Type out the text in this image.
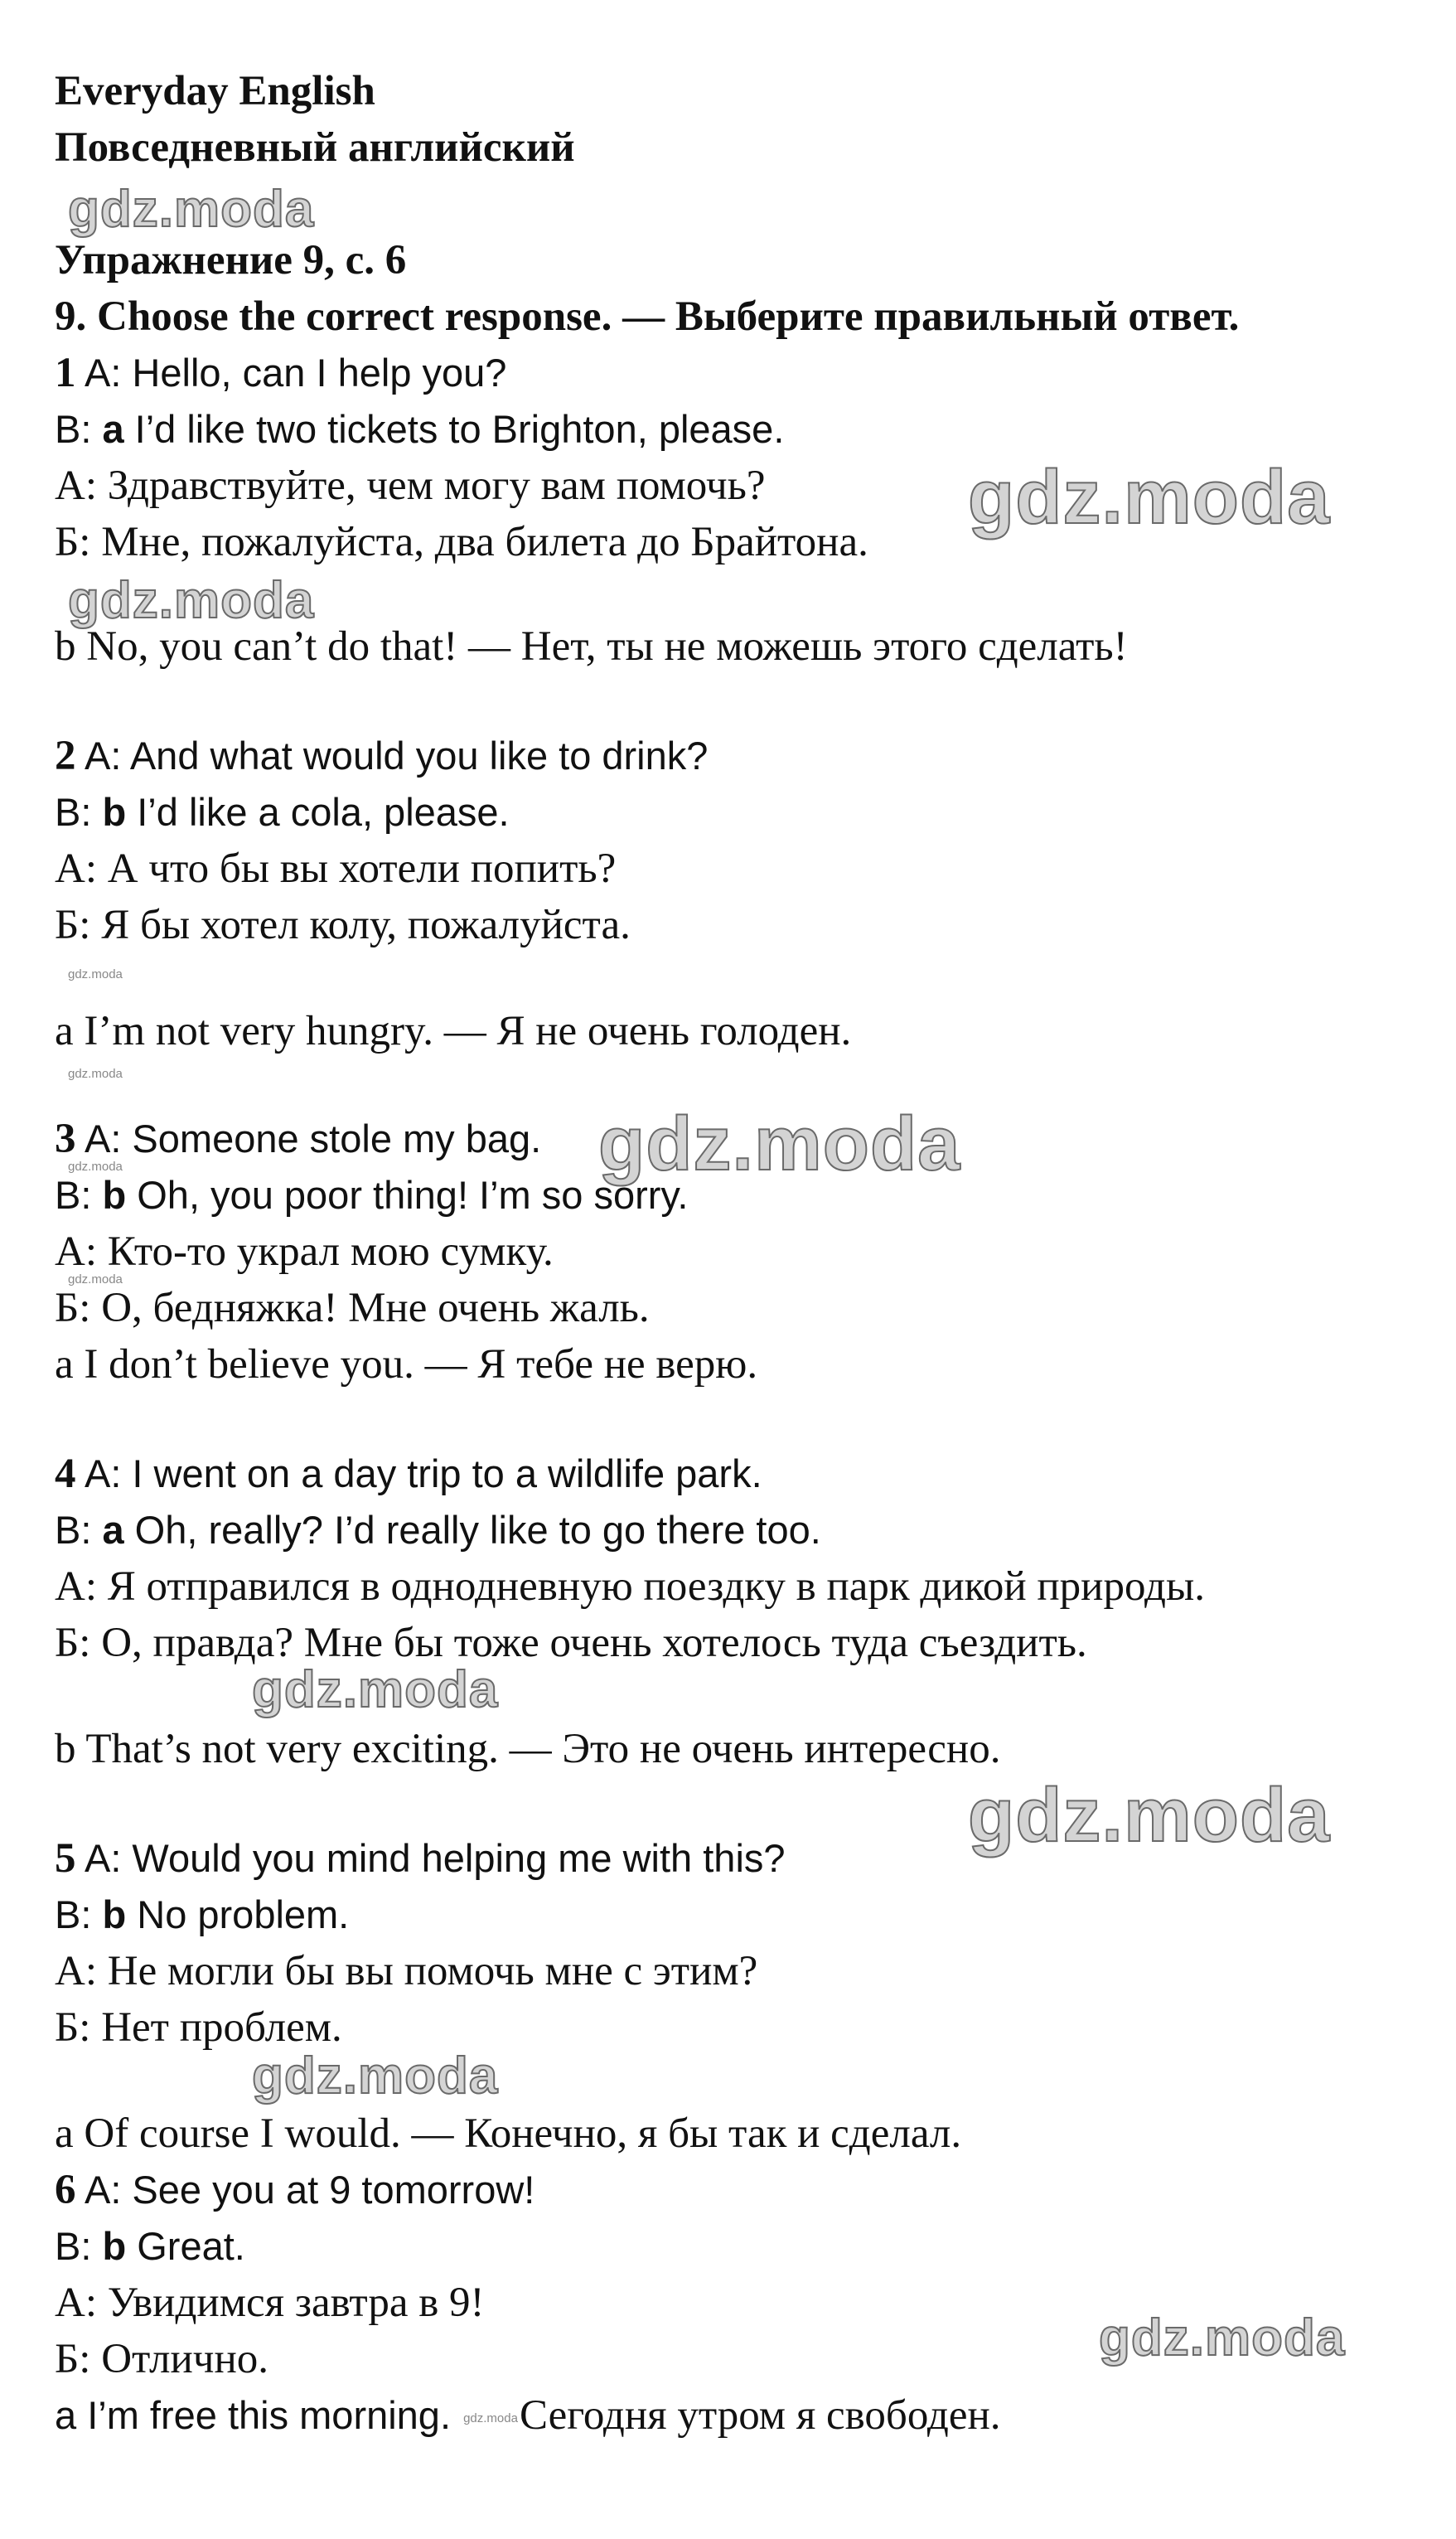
Everyday English
Повседневный английский
gdz.moda
Упражнение 9, с. 6
9. Choose the correct response. — Выберите правильный ответ.
1 A: Hello, can I help you?
B: a I’d like two tickets to Brighton, please.
А: Здравствуйте, чем могу вам помочь?	gdz.moda
Б: Мне, пожалуйста, два билета до Брайтона.
gdz.moda
b No, you can’t do that! — Нет, ты не можешь этого сделать!
2 A: And what would you like to drink?
B: b I’d like a cola, please.
А: А что бы вы хотели попить?
Б: Я бы хотел колу, пожалуйста.
gdz.moda
a I’m not very hungry. — Я не очень голоден.
gdz.moda
3 A: Someone stole my bag. gdz.moda
gdz.moda
B: b Oh, you poor thing! I’m so sorry.
А: Кто-то украл мою сумку.
gdz.moda
Б: О, бедняжка! Мне очень жаль.
a I don’t believe you. — Я тебе не верю.
4 A: I went on a day trip to a wildlife park.
B: a Oh, really? I’d really like to go there too.
А: Я отправился в однодневную поездку в парк дикой природы.
Б: О, правда? Мне бы тоже очень хотелось туда съездить.
gdz.moda
b That’s not very exciting. — Это не очень интересно.
gdz.moda
5 A: Would you mind helping me with this?
B: b No problem.
А: Не могли бы вы помочь мне с этим?
Б: Нет проблем.
gdz.moda
a Of course I would. — Конечно, я бы так и сделал.
6 A: See you at 9 tomorrow!
B: b Great.
А: Увидимся завтра в 9!
gdz.moda
Б: Отлично.
a I’m free this morning. gdz.modaСегодня утром я свободен.
